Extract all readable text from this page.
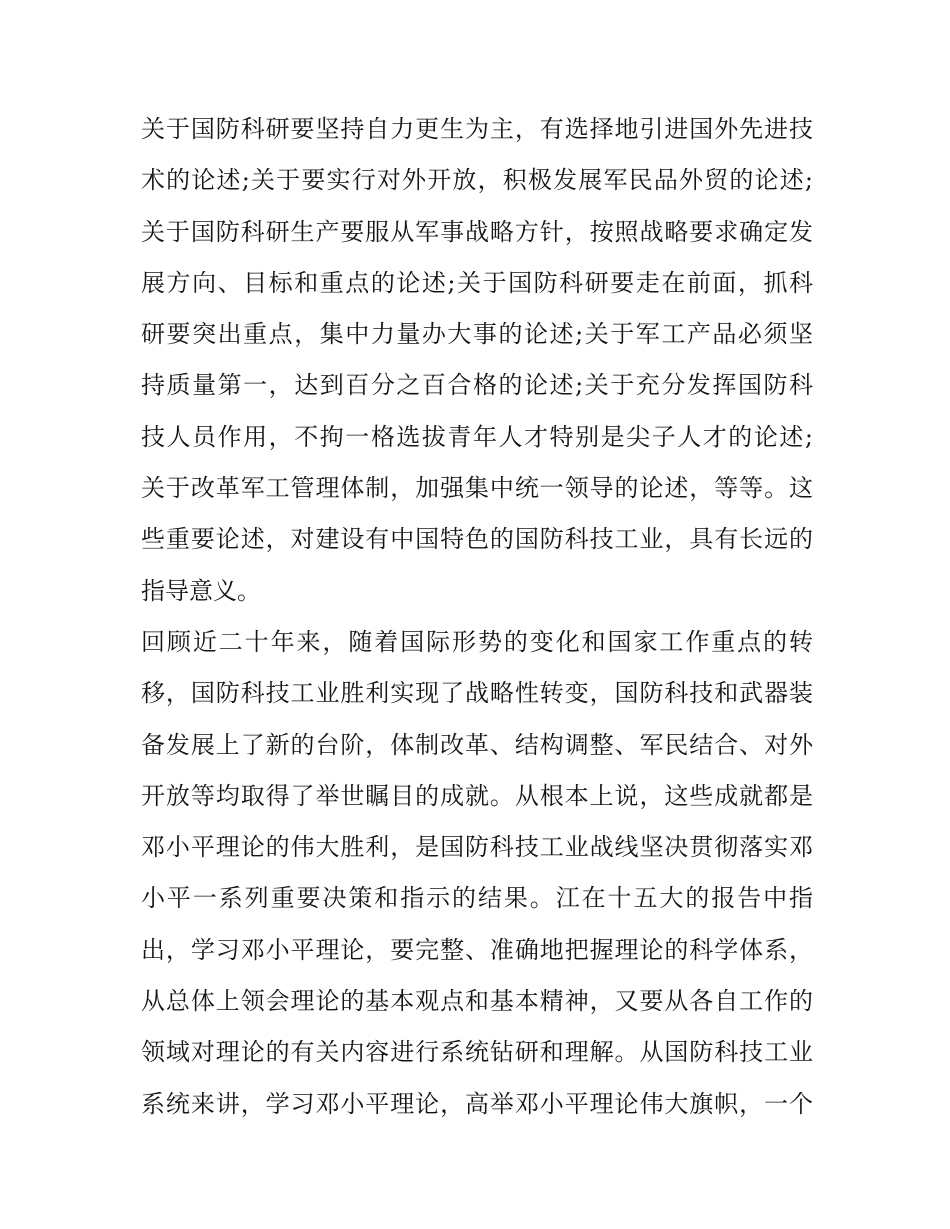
关于国防科研要坚持自力更生为主，有选择地引进国外先进技
术的论述;关于要实行对外开放，积极发展军民品外贸的论述;
关于国防科研生产要服从军事战略方针，按照战略要求确定发
展方向、目标和重点的论述;关于国防科研要走在前面，抓科
研要突出重点，集中力量办大事的论述;关于军工产品必须坚
持质量第一，达到百分之百合格的论述;关于充分发挥国防科
技人员作用，不拘一格选拔青年人才特别是尖子人才的论述;
关于改革军工管理体制，加强集中统一领导的论述，等等。这
些重要论述，对建设有中国特色的国防科技工业，具有长远的
指导意义。
回顾近二十年来，随着国际形势的变化和国家工作重点的转
移，国防科技工业胜利实现了战略性转变，国防科技和武器装
备发展上了新的台阶，体制改革、结构调整、军民结合、对外
开放等均取得了举世瞩目的成就。从根本上说，这些成就都是
邓小平理论的伟大胜利，是国防科技工业战线坚决贯彻落实邓
小平一系列重要决策和指示的结果。江在十五大的报告中指
出，学习邓小平理论，要完整、准确地把握理论的科学体系，
从总体上领会理论的基本观点和基本精神，又要从各自工作的
领域对理论的有关内容进行系统钻研和理解。从国防科技工业
系统来讲，学习邓小平理论，高举邓小平理论伟大旗帜，一个
